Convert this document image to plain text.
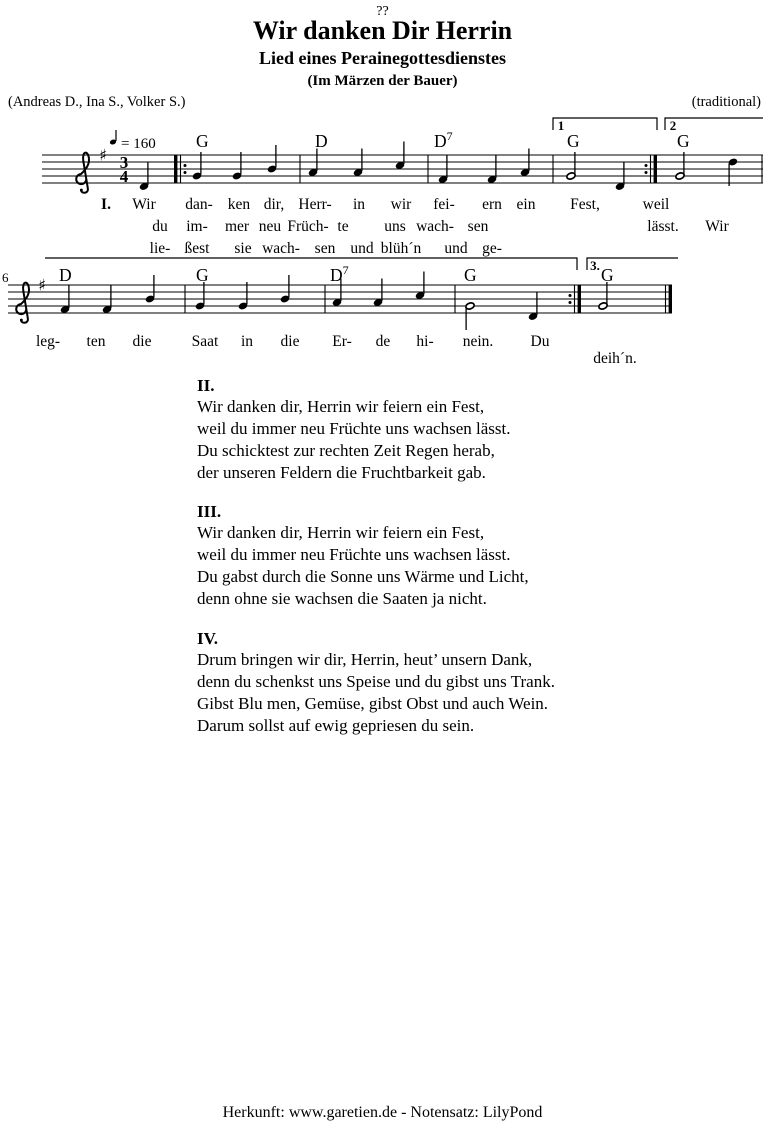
??
Wir danken Dir Herrin
Lied eines Perainegottesdienstes
(Im Märzen der Bauer)
(Andreas D., Ina S., Volker S.)	(traditional)
♯ 3
4
= 160
1	2
G	D	$D^7$	G	G
I. Wir dan- ken dir, Herr- in wir fei- ern ein Fest,	weil
du im- mer neu Früch- te uns wach- sen	lässt. Wir
lie- ßest sie wach- sen und blüh´n und ge-
6 ♯
3.
D	G	$D^7$	G	G
leg- ten die	Saat in die Er- de hi- nein. Du
deih´n.
II.
Wir danken dir, Herrin wir feiern ein Fest,
weil du immer neu Früchte uns wachsen lässt.
Du schicktest zur rechten Zeit Regen herab,
der unseren Feldern die Fruchtbarkeit gab.
III.
Wir danken dir, Herrin wir feiern ein Fest,
weil du immer neu Früchte uns wachsen lässt.
Du gabst durch die Sonne uns Wärme und Licht,
denn ohne sie wachsen die Saaten ja nicht.
IV.
Drum bringen wir dir, Herrin, heut’ unsern Dank,
denn du schenkst uns Speise und du gibst uns Trank.
Gibst Blu men, Gemüse, gibst Obst und auch Wein.
Darum sollst auf ewig gepriesen du sein.
Herkunft: www.garetien.de - Notensatz: LilyPond
